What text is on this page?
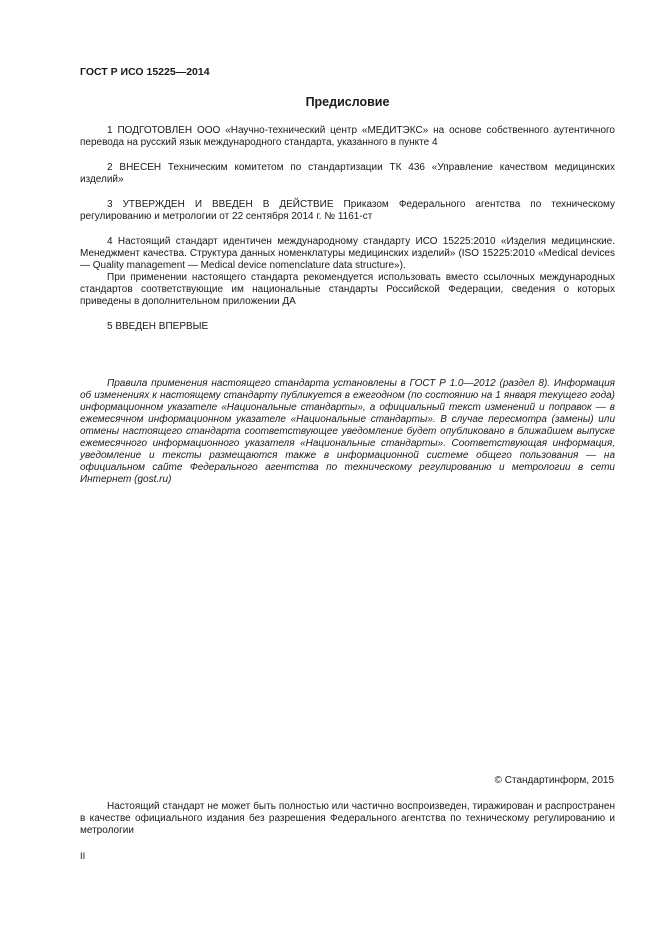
ГОСТ Р ИСО 15225—2014
Предисловие

1 ПОДГОТОВЛЕН ООО «Научно-технический центр «МЕДИТЭКС» на основе собственного аутентичного перевода на русский язык международного стандарта, указанного в пункте 4

2 ВНЕСЕН Техническим комитетом по стандартизации ТК 436 «Управление качеством медицинских изделий»

3 УТВЕРЖДЕН И ВВЕДЕН В ДЕЙСТВИЕ Приказом Федерального агентства по техническому регулированию и метрологии от 22 сентября 2014 г. № 1161-ст

4 Настоящий стандарт идентичен международному стандарту ИСО 15225:2010 «Изделия медицинские. Менеджмент качества. Структура данных номенклатуры медицинских изделий» (ISO 15225:2010 «Medical devices — Quality management — Medical device nomenclature data structure»).

При применении настоящего стандарта рекомендуется использовать вместо ссылочных международных стандартов соответствующие им национальные стандарты Российской Федерации, сведения о которых приведены в дополнительном приложении ДА

5 ВВЕДЕН ВПЕРВЫЕ

Правила применения настоящего стандарта установлены в ГОСТ Р 1.0—2012 (раздел 8). Информация об изменениях к настоящему стандарту публикуется в ежегодном (по состоянию на 1 января текущего года) информационном указателе «Национальные стандарты», а официальный текст изменений и поправок — в ежемесячном информационном указателе «Национальные стандарты». В случае пересмотра (замены) или отмены настоящего стандарта соответствующее уведомление будет опубликовано в ближайшем выпуске ежемесячного информационного указателя «Национальные стандарты». Соответствующая информация, уведомление и тексты размещаются также в информационной системе общего пользования — на официальном сайте Федерального агентства по техническому регулированию и метрологии в сети Интернет (gost.ru)

© Стандартинформ, 2015

Настоящий стандарт не может быть полностью или частично воспроизведен, тиражирован и распространен в качестве официального издания без разрешения Федерального агентства по техническому регулированию и метрологии

II
